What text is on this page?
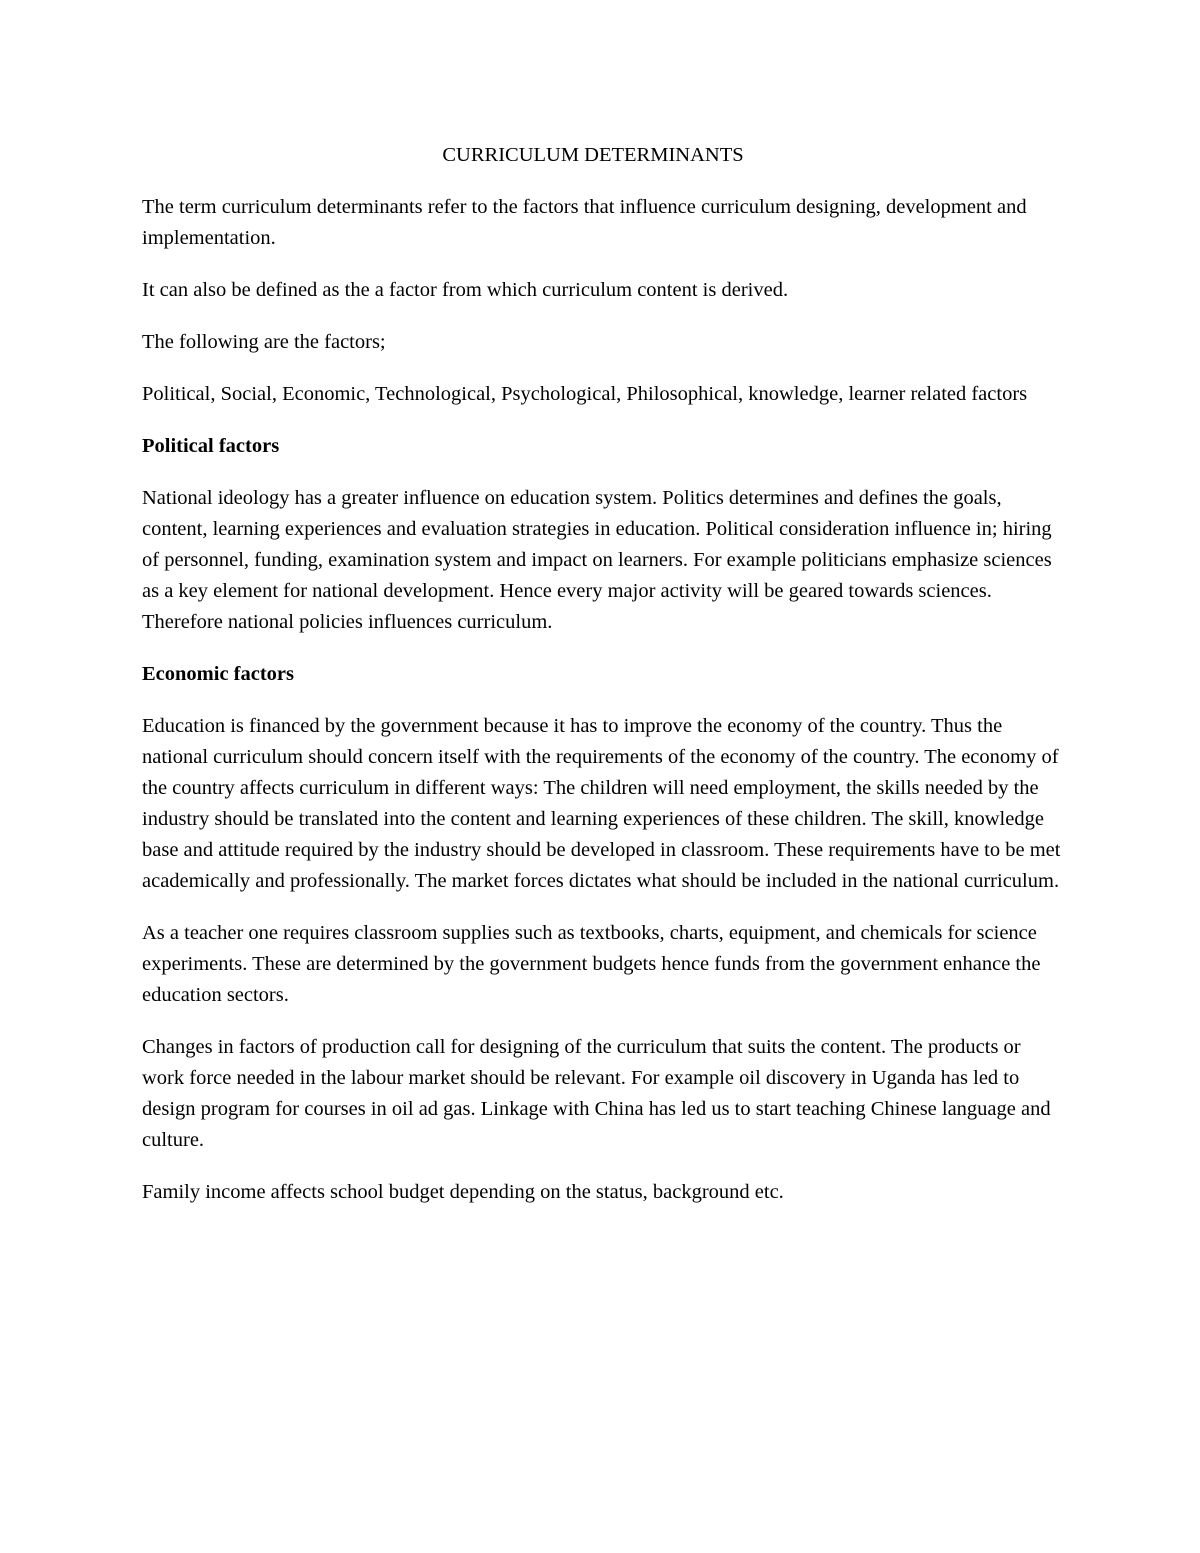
CURRICULUM DETERMINANTS

The term curriculum determinants refer to the factors that influence curriculum designing, development and implementation.

It can also be defined as the a factor from which curriculum content is derived.

The following are the factors;

Political, Social, Economic, Technological, Psychological, Philosophical, knowledge, learner related factors

Political factors

National ideology has a greater influence on education system. Politics determines and defines the goals, content, learning experiences and evaluation strategies in education. Political consideration influence in; hiring of personnel, funding, examination system and impact on learners. For example politicians emphasize sciences as a key element for national development. Hence every major activity will be geared towards sciences. Therefore national policies influences curriculum.

Economic factors

Education is financed by the government because it has to improve the economy of the country. Thus the national curriculum should concern itself with the requirements of the economy of the country. The economy of the country affects curriculum in different ways: The children will need employment, the skills needed by the industry should be translated into the content and learning experiences of these children. The skill, knowledge base and attitude required by the industry should be developed in classroom. These requirements have to be met academically and professionally. The market forces dictates what should be included in the national curriculum.

As a teacher one requires classroom supplies such as textbooks, charts, equipment, and chemicals for science experiments. These are determined by the government budgets hence funds from the government enhance the education sectors.

Changes in factors of production call for designing of the curriculum that suits the content. The products or work force needed in the labour market should be relevant. For example oil discovery in Uganda has led to design program for courses in oil ad gas. Linkage with China has led us to start teaching Chinese language and culture.

Family income affects school budget depending on the status, background etc.
